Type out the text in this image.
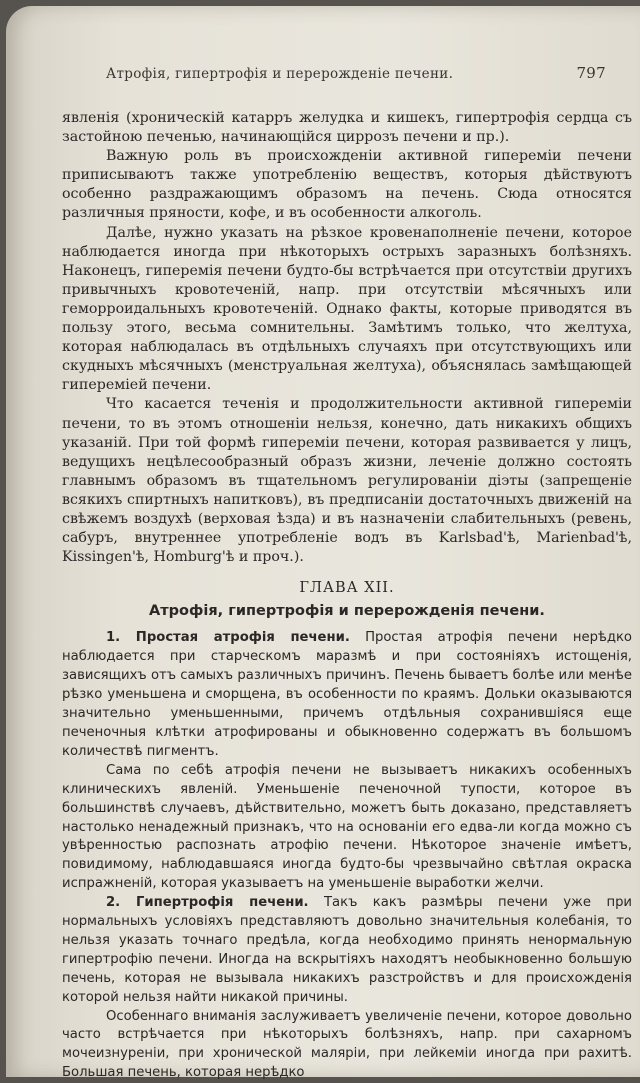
Атрофія, гипертрофія и перерожденіе печени.	797

явленія (хроническій катарръ желудка и кишекъ, гипертрофія сердца съ застойною печенью, начинающійся циррозъ печени и пр.).

Важную роль въ происхожденіи активной гипереміи печени приписываютъ также употребленію веществъ, которыя дѣйствуютъ особенно раздражающимъ образомъ на печень. Сюда относятся различныя пряности, кофе, и въ особенности алкоголь.

Далѣе, нужно указать на рѣзкое кровенаполненіе печени, которое наблюдается иногда при нѣкоторыхъ острыхъ заразныхъ болѣзняхъ. Наконецъ, гиперемія печени будто-бы встрѣчается при отсутствіи другихъ привычныхъ кровотеченій, напр. при отсутствіи мѣсячныхъ или геморроидальныхъ кровотеченій. Однако факты, которые приводятся въ пользу этого, весьма сомнительны. Замѣтимъ только, что желтуха, которая наблюдалась въ отдѣльныхъ случаяхъ при отсутствующихъ или скудныхъ мѣсячныхъ (менструальная желтуха), объяснялась замѣщающей гипереміей печени.

Что касается теченія и продолжительности активной гипереміи печени, то въ этомъ отношеніи нельзя, конечно, дать никакихъ общихъ указаній. При той формѣ гипереміи печени, которая развивается у лицъ, ведущихъ нецѣлесообразный образъ жизни, леченіе должно состоять главнымъ образомъ въ тщательномъ регулированіи діэты (запрещеніе всякихъ спиртныхъ напитковъ), въ предписаніи достаточныхъ движеній на свѣжемъ воздухѣ (верховая ѣзда) и въ назначеніи слабительныхъ (ревень, сабуръ, внутреннее употребленіе водъ въ Karlsbad'ѣ, Marienbad'ѣ, Kissingen'ѣ, Homburg'ѣ и проч.).

ГЛАВА XII.
Атрофія, гипертрофія и перерожденія печени.

1. Простая атрофія печени. Простая атрофія печени нерѣдко наблюдается при старческомъ маразмѣ и при состояніяхъ истощенія, зависящихъ отъ самыхъ различныхъ причинъ. Печень бываетъ болѣе или менѣе рѣзко уменьшена и сморщена, въ особенности по краямъ. Дольки оказываются значительно уменьшенными, причемъ отдѣльныя сохранившіяся еще печеночныя клѣтки атрофированы и обыкновенно содержатъ въ большомъ количествѣ пигментъ.

Сама по себѣ атрофія печени не вызываетъ никакихъ особенныхъ клиническихъ явленій. Уменьшеніе печеночной тупости, которое въ большинствѣ случаевъ, дѣйствительно, можетъ быть доказано, представляетъ настолько ненадежный признакъ, что на основаніи его едва-ли когда можно съ увѣренностью распознать атрофію печени. Нѣкоторое значеніе имѣетъ, повидимому, наблюдавшаяся иногда будто-бы чрезвычайно свѣтлая окраска испражненій, которая указываетъ на уменьшеніе выработки желчи.

2. Гипертрофія печени. Такъ какъ размѣры печени уже при нормальныхъ условіяхъ представляютъ довольно значительныя колебанія, то нельзя указать точнаго предѣла, когда необходимо принять ненормальную гипертрофію печени. Иногда на вскрытіяхъ находятъ необыкновенно большую печень, которая не вызывала никакихъ разстройствъ и для происхожденія которой нельзя найти никакой причины.

Особеннаго вниманія заслуживаетъ увеличеніе печени, которое довольно часто встрѣчается при нѣкоторыхъ болѣзняхъ, напр. при сахарномъ мочеизнуреніи, при хронической маляріи, при лейкеміи иногда при рахитѣ. Большая печень, которая нерѣдко
